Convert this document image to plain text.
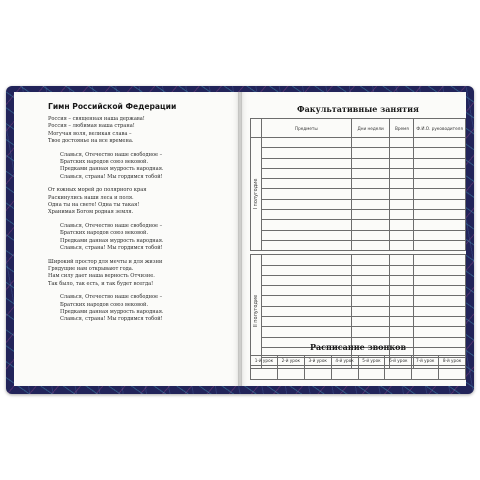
Гимн Российской Федерации
Россия – священная наша держава!
Россия – любимая наша страна!
Могучая воля, великая слава –
Твое достоянье на все времена.
Славься, Отечество наше свободное –
Братских народов союз вековой.
Предками данная мудрость народная.
Славься, страна! Мы гордимся тобой!
От южных морей до полярного края
Раскинулись наши леса и поля.
Одна ты на свете! Одна ты такая!
Хранимая Богом родная земля.
Славься, Отечество наше свободное –
Братских народов союз вековой.
Предками данная мудрость народная.
Славься, страна! Мы гордимся тобой!
Широкий простор для мечты и для жизни
Грядущие нам открывают года.
Нам силу дает наша верность Отчизне.
Так было, так есть, и так будет всегда!
Славься, Отечество наше свободное –
Братских народов союз вековой.
Предками данная мудрость народная.
Славься, страна! Мы гордимся тобой!
Факультативные занятия
	Предметы	Дни недели	Время	Ф.И.О. руководителя

I полугодие				

II полугодие				

Расписание звонков
1-й урок	2-й урок	3-й урок	4-й урок	5-й урок	6-й урок	7-й урок	8-й урок
